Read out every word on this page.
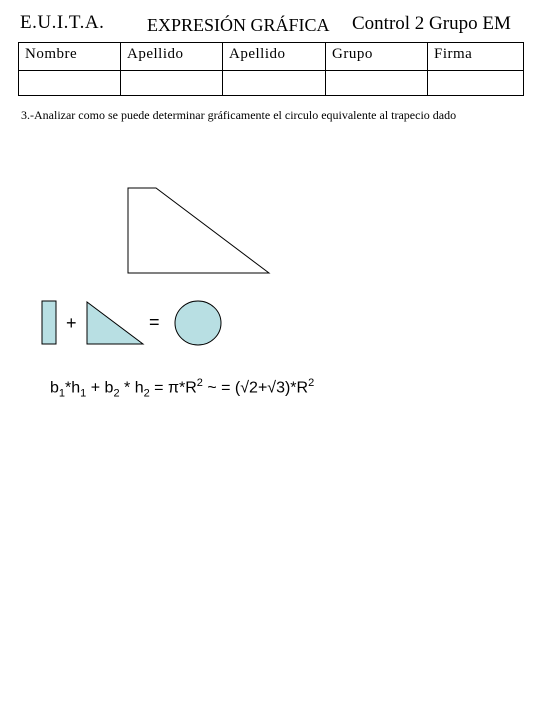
E.U.I.T.A. EXPRESIÓN GRÁFICA Control 2 Grupo EM
Nombre	Apellido	Apellido	Grupo	Firma

3.-Analizar como se puede determinar gráficamente el circulo equivalente al trapecio dado
+	=
$b_1*h_1 + b_2 * h_2 = \pi*R^2$ ~ = $(√2+√3)*R^2$
